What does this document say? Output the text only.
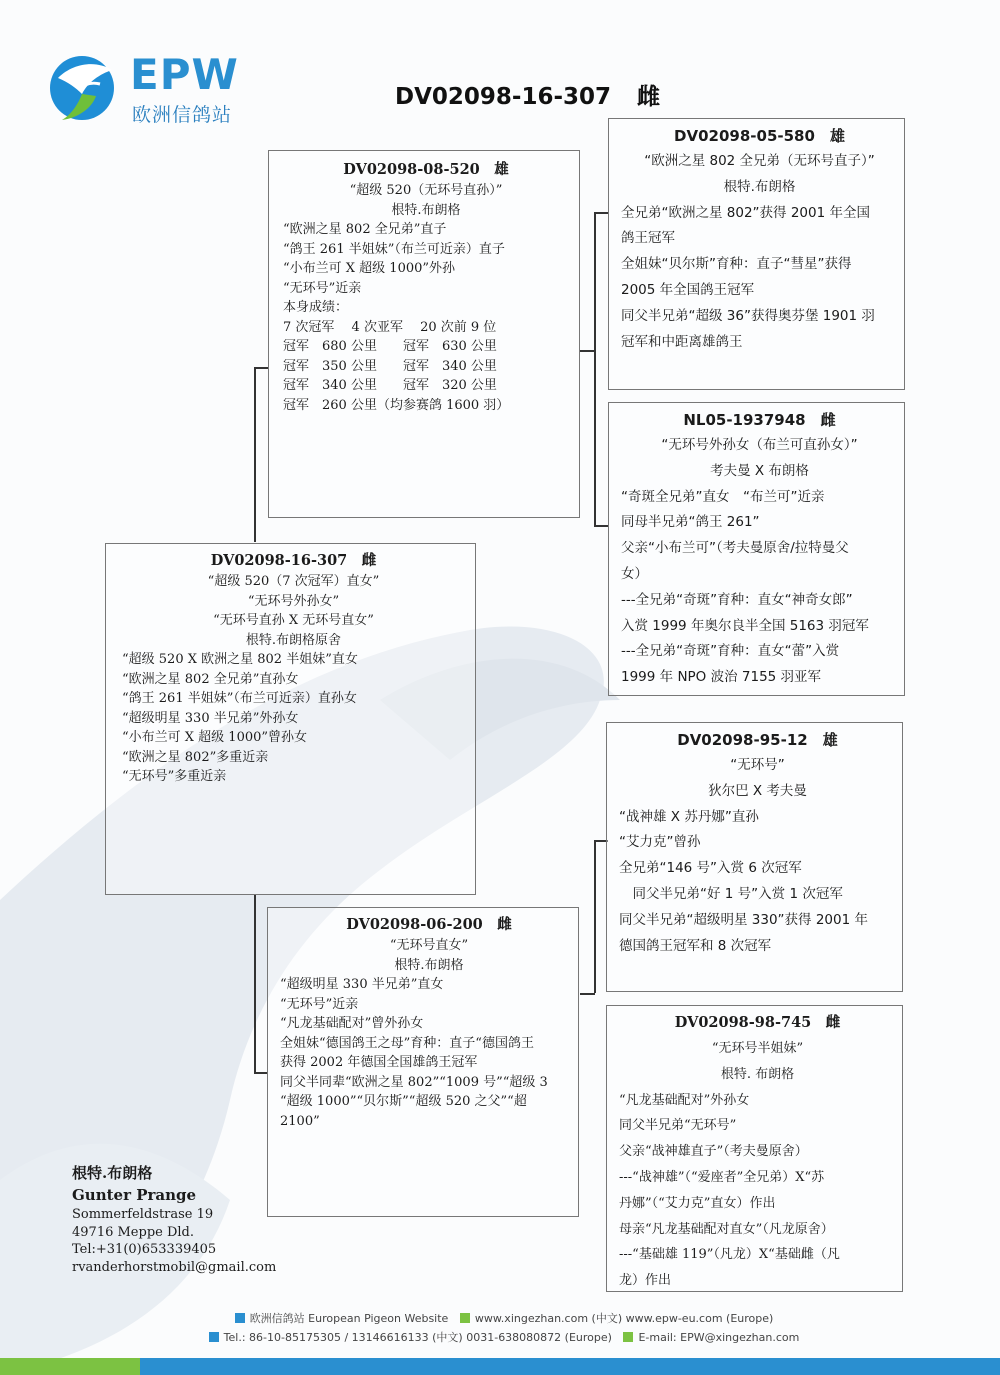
EPW
欧洲信鸽站
DV02098-16-307 雌
DV02098-08-520　 雄
“超级 520（无环号直孙）”
根特.布朗格
“欧洲之星 802 全兄弟”直子
“鸽王 261 半姐妹”（布兰可近亲）直子
“小布兰可 X 超级 1000”外孙
“无环号”近亲
本身成绩：
7 次冠军　 4 次亚军　 20 次前 9 位
冠军　680 公里　　冠军　630 公里
冠军　350 公里　　冠军　340 公里
冠军　340 公里　　冠军　320 公里
冠军　260 公里（均参赛鸽 1600 羽）
DV02098-16-307　 雌
“超级 520（7 次冠军）直女”
“无环号外孙女”
“无环号直孙 X 无环号直女”
根特.布朗格原舍
“超级 520 X 欧洲之星 802 半姐妹”直女
“欧洲之星 802 全兄弟”直孙女
“鸽王 261 半姐妹”（布兰可近亲）直孙女
“超级明星 330 半兄弟”外孙女
“小布兰可 X 超级 1000”曾孙女
“欧洲之星 802”多重近亲
“无环号”多重近亲
DV02098-06-200　 雌
“无环号直女”
根特.布朗格
“超级明星 330 半兄弟”直女
“无环号”近亲
“凡龙基础配对”曾外孙女
全姐妹“德国鸽王之母”育种：直子“德国鸽王
获得 2002 年德国全国雄鸽王冠军
同父半同辈“欧洲之星 802”“1009 号”“超级 3
“超级 1000”“贝尔斯”“超级 520 之父”“超
2100”
DV02098-05-580　 雄
“欧洲之星 802 全兄弟（无环号直子）”
根特.布朗格
全兄弟“欧洲之星 802”获得 2001 年全国
鸽王冠军
全姐妹“贝尔斯”育种：直子“彗星”获得
2005 年全国鸽王冠军
同父半兄弟“超级 36”获得奥芬堡 1901 羽
冠军和中距离雄鸽王
NL05-1937948　 雌
“无环号外孙女（布兰可直孙女）”
考夫曼 X 布朗格
“奇斑全兄弟”直女　“布兰可”近亲
同母半兄弟“鸽王 261”
父亲“小布兰可”（考夫曼原舍/拉特曼父
女）
---全兄弟“奇斑”育种：直女“神奇女郎”
入赏 1999 年奥尔良半全国 5163 羽冠军
---全兄弟“奇斑”育种：直女“蕾”入赏
1999 年 NPO 波治 7155 羽亚军
DV02098-95-12　 雄
“无环号”
狄尔巴 X 考夫曼
“战神雄 X 苏丹娜”直孙
“艾力克”曾孙
全兄弟“146 号”入赏 6 次冠军
　同父半兄弟“好 1 号”入赏 1 次冠军
同父半兄弟“超级明星 330”获得 2001 年
德国鸽王冠军和 8 次冠军
DV02098-98-745　 雌
“无环号半姐妹”
根特. 布朗格
“凡龙基础配对”外孙女
同父半兄弟“无环号”
父亲“战神雄直子”（考夫曼原舍）
---“战神雄”（“爱座者”全兄弟）X“苏
丹娜”（“艾力克”直女）作出
母亲“凡龙基础配对直女”（凡龙原舍）
---“基础雄 119”（凡龙）X“基础雌（凡
龙）作出
根特.布朗格
Gunter Prange
Sommerfeldstrase 19
49716 Meppe Dld.
Tel:+31(0)653339405
rvanderhorstmobil@gmail.com
欧洲信鸽站 European Pigeon Website www.xingezhan.com (中文) www.epw-eu.com (Europe)
Tel.: 86-10-85175305 / 13146616133 (中文) 0031-638080872 (Europe) E-mail: EPW@xingezhan.com
